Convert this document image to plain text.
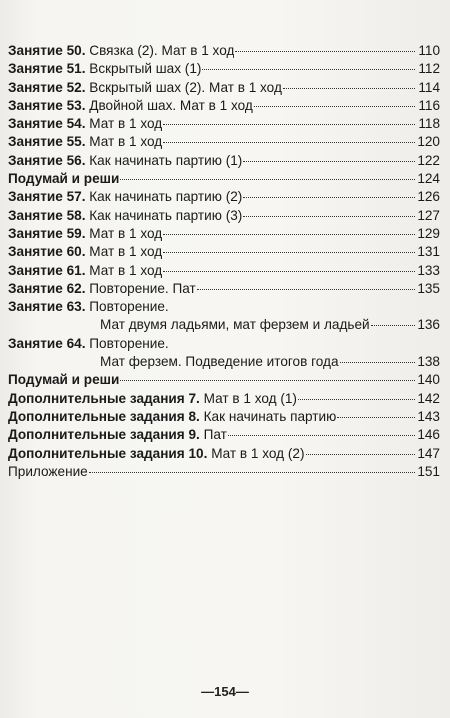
Занятие 50. Связка (2). Мат в 1 ход	110
Занятие 51. Вскрытый шах (1)	112
Занятие 52. Вскрытый шах (2). Мат в 1 ход	114
Занятие 53. Двойной шах. Мат в 1 ход	116
Занятие 54. Мат в 1 ход	118
Занятие 55. Мат в 1 ход	120
Занятие 56. Как начинать партию (1)	122
Подумай и реши	124
Занятие 57. Как начинать партию (2)	126
Занятие 58. Как начинать партию (3)	127
Занятие 59. Мат в 1 ход	129
Занятие 60. Мат в 1 ход	131
Занятие 61. Мат в 1 ход	133
Занятие 62. Повторение. Пат	135
Занятие 63. Повторение.
Мат двумя ладьями, мат ферзем и ладьей	136
Занятие 64. Повторение.
Мат ферзем. Подведение итогов года	138
Подумай и реши	140
Дополнительные задания 7. Мат в 1 ход (1)	142
Дополнительные задания 8. Как начинать партию	143
Дополнительные задания 9. Пат	146
Дополнительные задания 10. Мат в 1 ход (2)	147
Приложение	151
—154—
